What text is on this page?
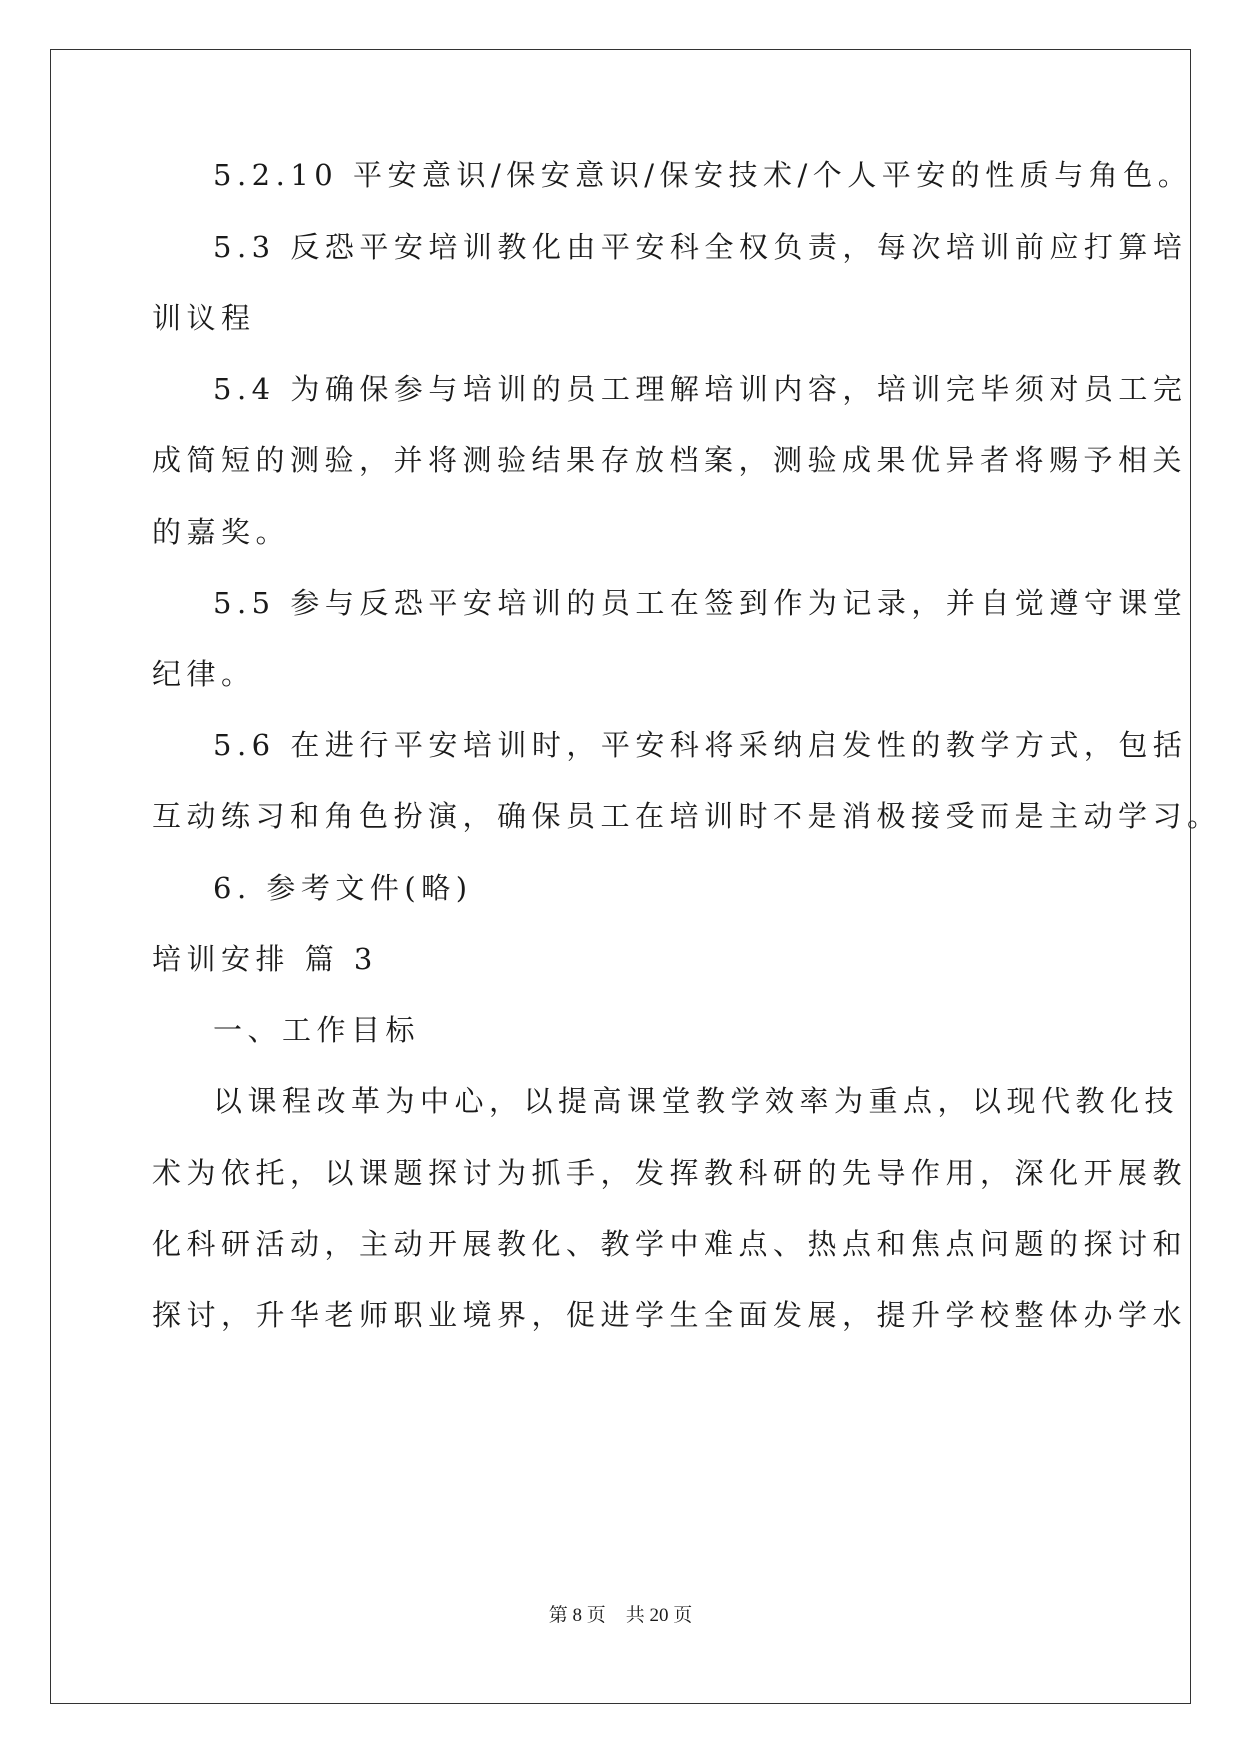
5.2.10 平安意识/保安意识/保安技术/个人平安的性质与角色。
5.3 反恐平安培训教化由平安科全权负责，每次培训前应打算培
训议程
5.4 为确保参与培训的员工理解培训内容，培训完毕须对员工完
成简短的测验，并将测验结果存放档案，测验成果优异者将赐予相关
的嘉奖。
5.5 参与反恐平安培训的员工在签到作为记录，并自觉遵守课堂
纪律。
5.6 在进行平安培训时，平安科将采纳启发性的教学方式，包括
互动练习和角色扮演，确保员工在培训时不是消极接受而是主动学习。
6. 参考文件(略)
培训安排 篇 3
一、工作目标
以课程改革为中心，以提高课堂教学效率为重点，以现代教化技
术为依托，以课题探讨为抓手，发挥教科研的先导作用，深化开展教
化科研活动，主动开展教化、教学中难点、热点和焦点问题的探讨和
探讨，升华老师职业境界，促进学生全面发展，提升学校整体办学水
第 8 页 共 20 页
